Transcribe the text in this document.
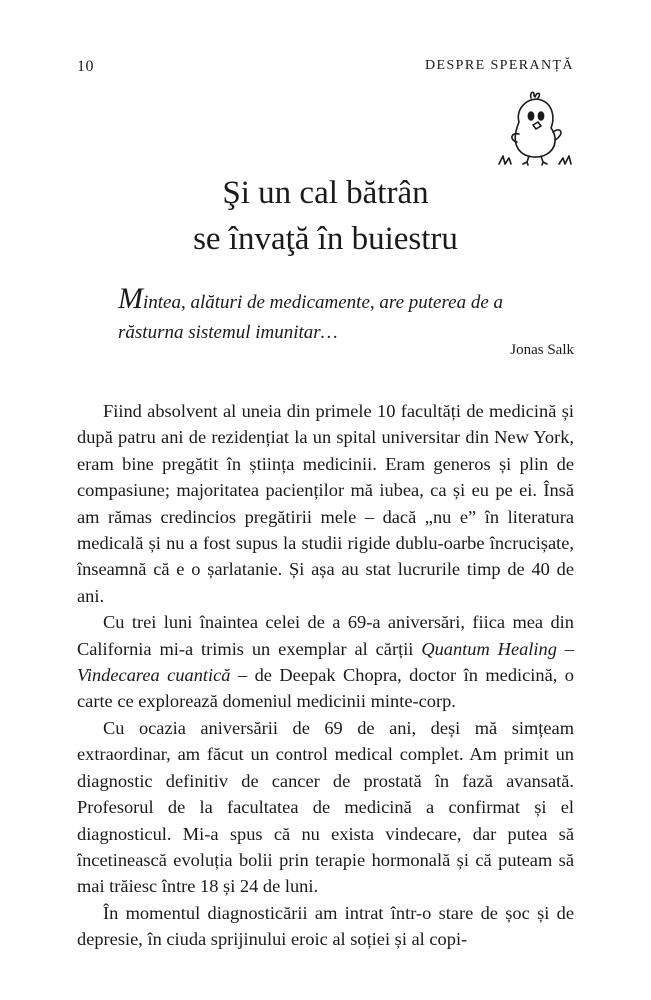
10	DESPRE SPERANȚĂ
Şi un cal bătrân
se învaţă în buiestru
Mintea, alături de medicamente, are puterea de a răsturna sistemul imunitar…
Jonas Salk

Fiind absolvent al uneia din primele 10 facultăți de medicină și după patru ani de rezidențiat la un spital universitar din New York, eram bine pregătit în știința medicinii. Eram generos și plin de compasiune; majoritatea pacienților mă iubea, ca și eu pe ei. Însă am rămas credincios pregătirii mele – dacă „nu e” în literatura medicală și nu a fost supus la studii rigide dublu-oarbe încrucișate, înseamnă că e o șarlatanie. Și așa au stat lucrurile timp de 40 de ani.

Cu trei luni înaintea celei de a 69-a aniversări, fiica mea din California mi-a trimis un exemplar al cărții Quantum Healing – Vindecarea cuantică – de Deepak Chopra, doctor în medicină, o carte ce explorează domeniul medicinii minte-corp.

Cu ocazia aniversării de 69 de ani, deși mă simțeam extraordinar, am făcut un control medical complet. Am primit un diagnostic definitiv de cancer de prostată în fază avansată. Profesorul de la facultatea de medicină a confirmat și el diagnosticul. Mi-a spus că nu exista vindecare, dar putea să încetinească evoluția bolii prin terapie hormonală și că puteam să mai trăiesc între 18 și 24 de luni.

În momentul diagnosticării am intrat într-o stare de șoc și de depresie, în ciuda sprijinului eroic al soției și al copi-
